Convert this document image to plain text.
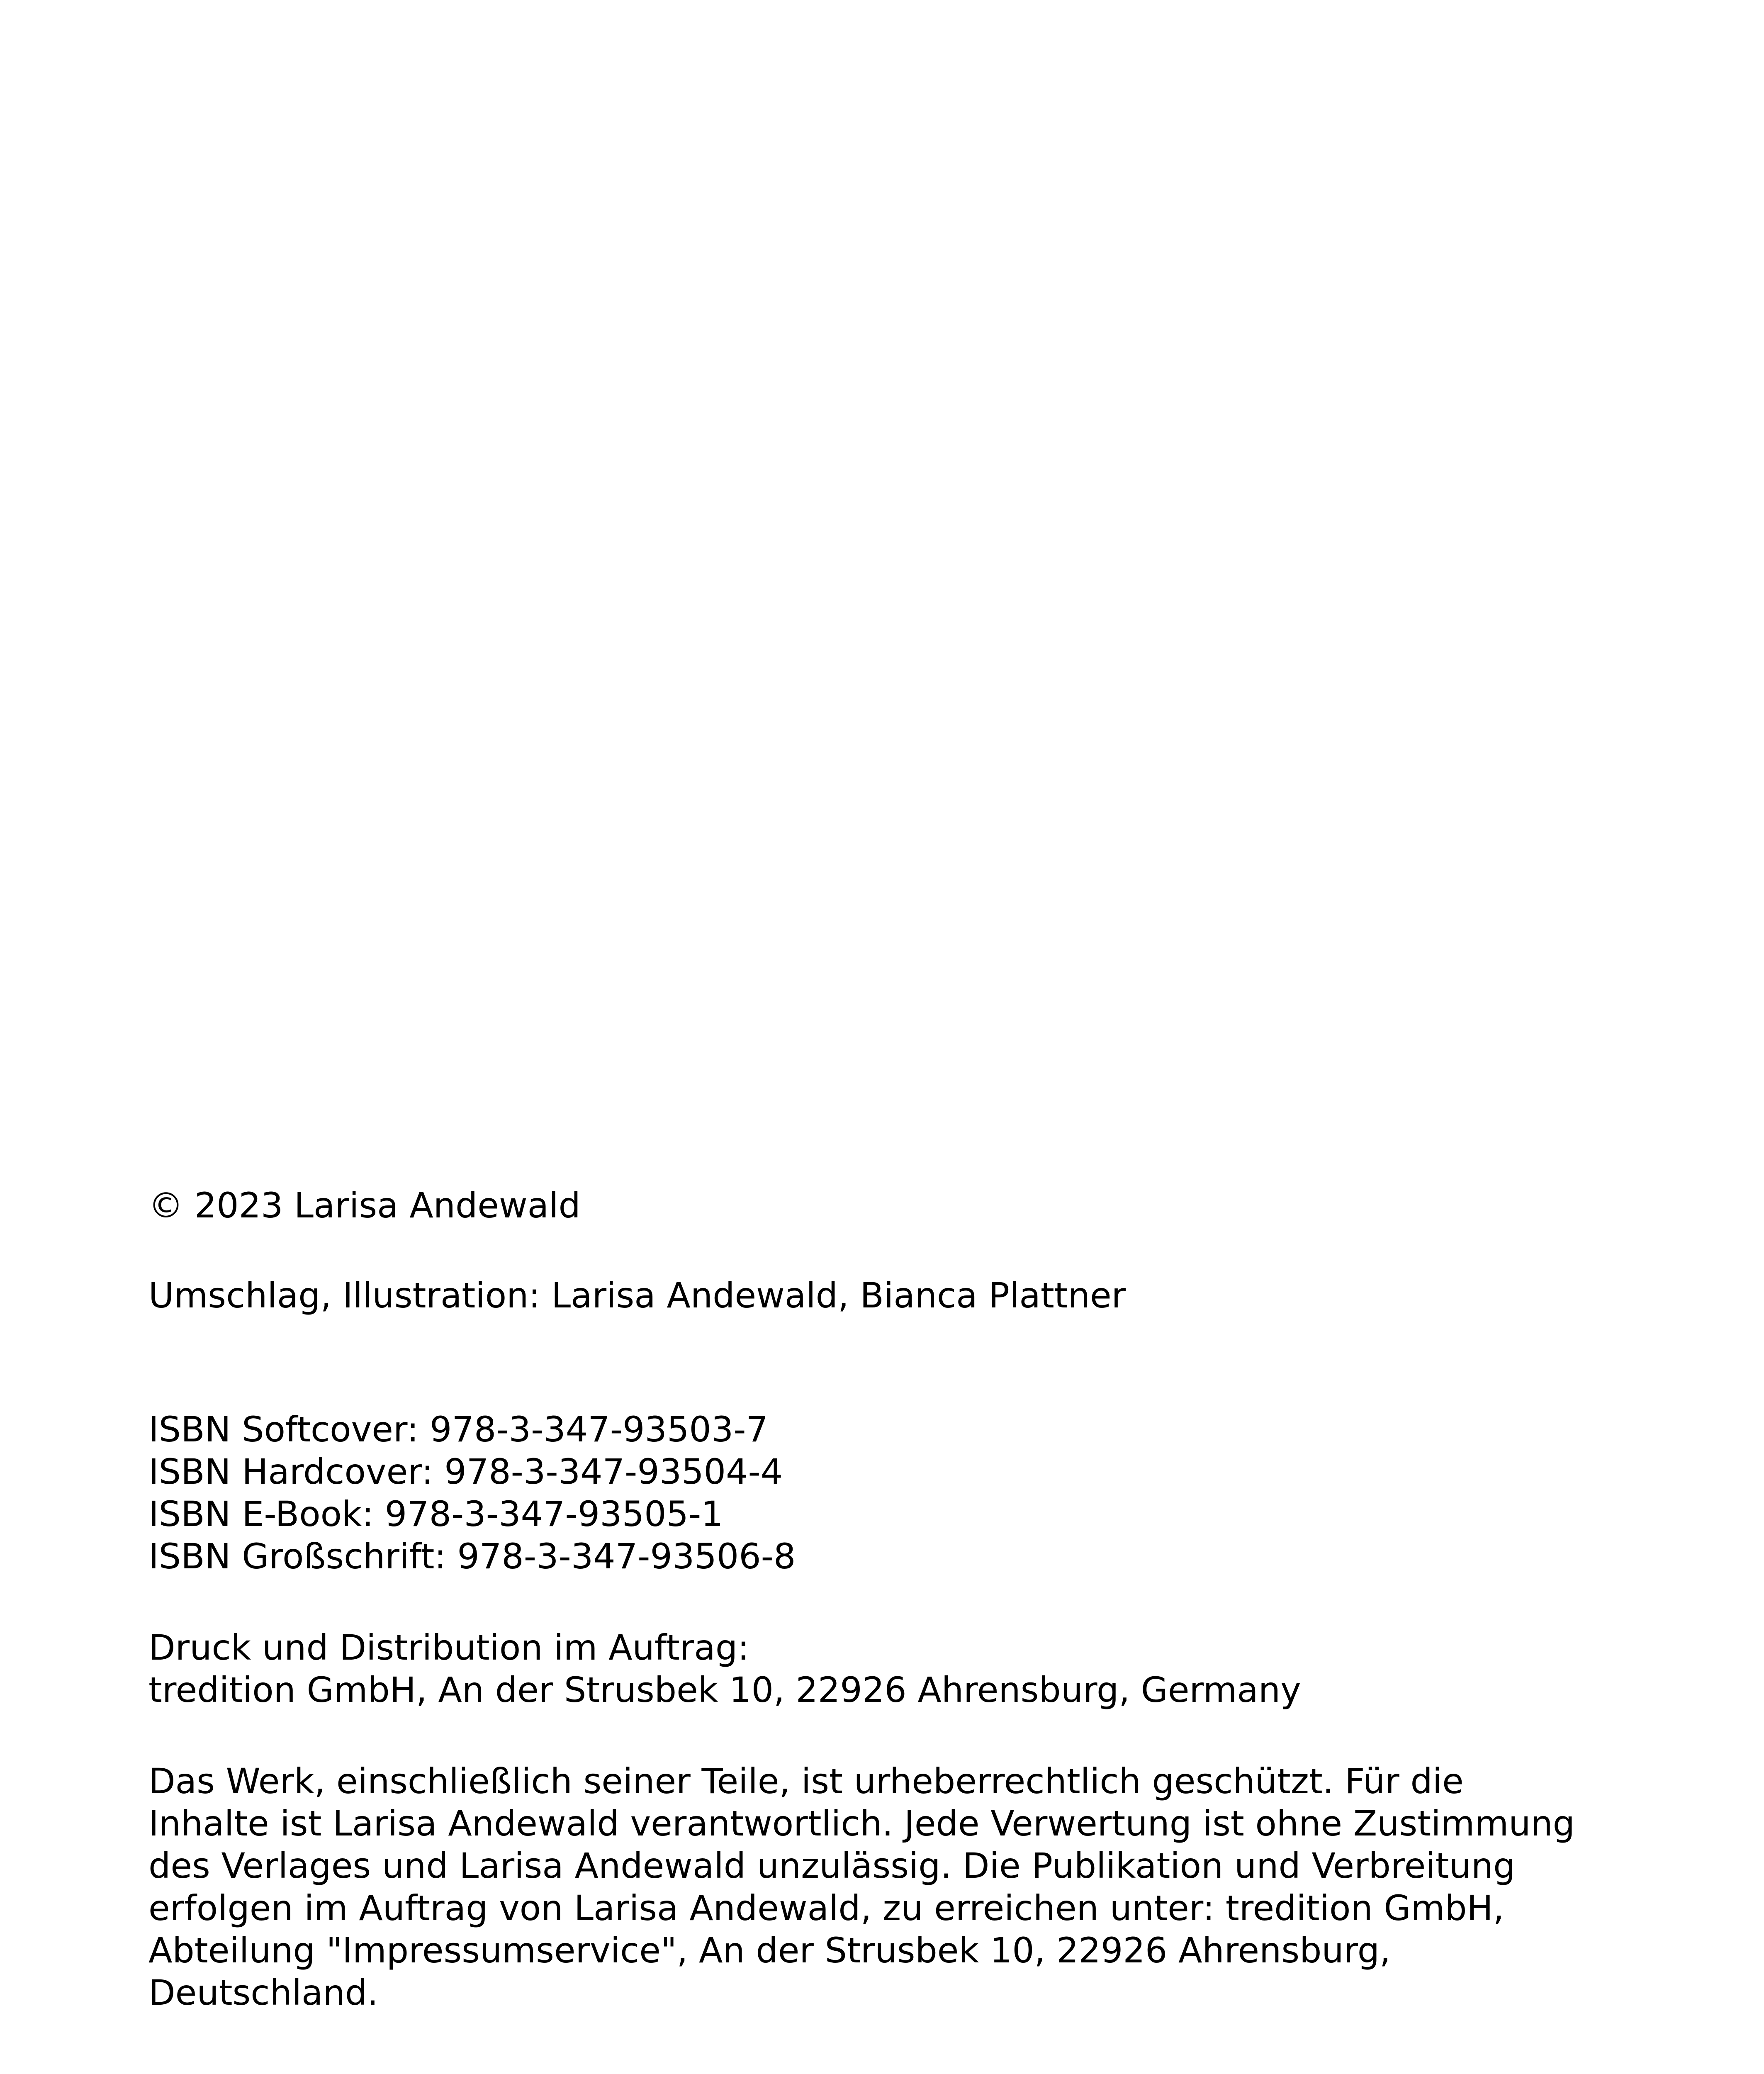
© 2023 Larisa Andewald

Umschlag, Illustration: Larisa Andewald, Bianca Plattner

ISBN Softcover: 978-3-347-93503-7
ISBN Hardcover: 978-3-347-93504-4
ISBN E-Book: 978-3-347-93505-1
ISBN Großschrift: 978-3-347-93506-8
Druck und Distribution im Auftrag:
tredition GmbH, An der Strusbek 10, 22926 Ahrensburg, Germany
Das Werk, einschließlich seiner Teile, ist urheberrechtlich geschützt. Für die
Inhalte ist Larisa Andewald verantwortlich. Jede Verwertung ist ohne Zustimmung
des Verlages und Larisa Andewald unzulässig. Die Publikation und Verbreitung
erfolgen im Auftrag von Larisa Andewald, zu erreichen unter: tredition GmbH,
Abteilung "Impressumservice", An der Strusbek 10, 22926 Ahrensburg,
Deutschland.
